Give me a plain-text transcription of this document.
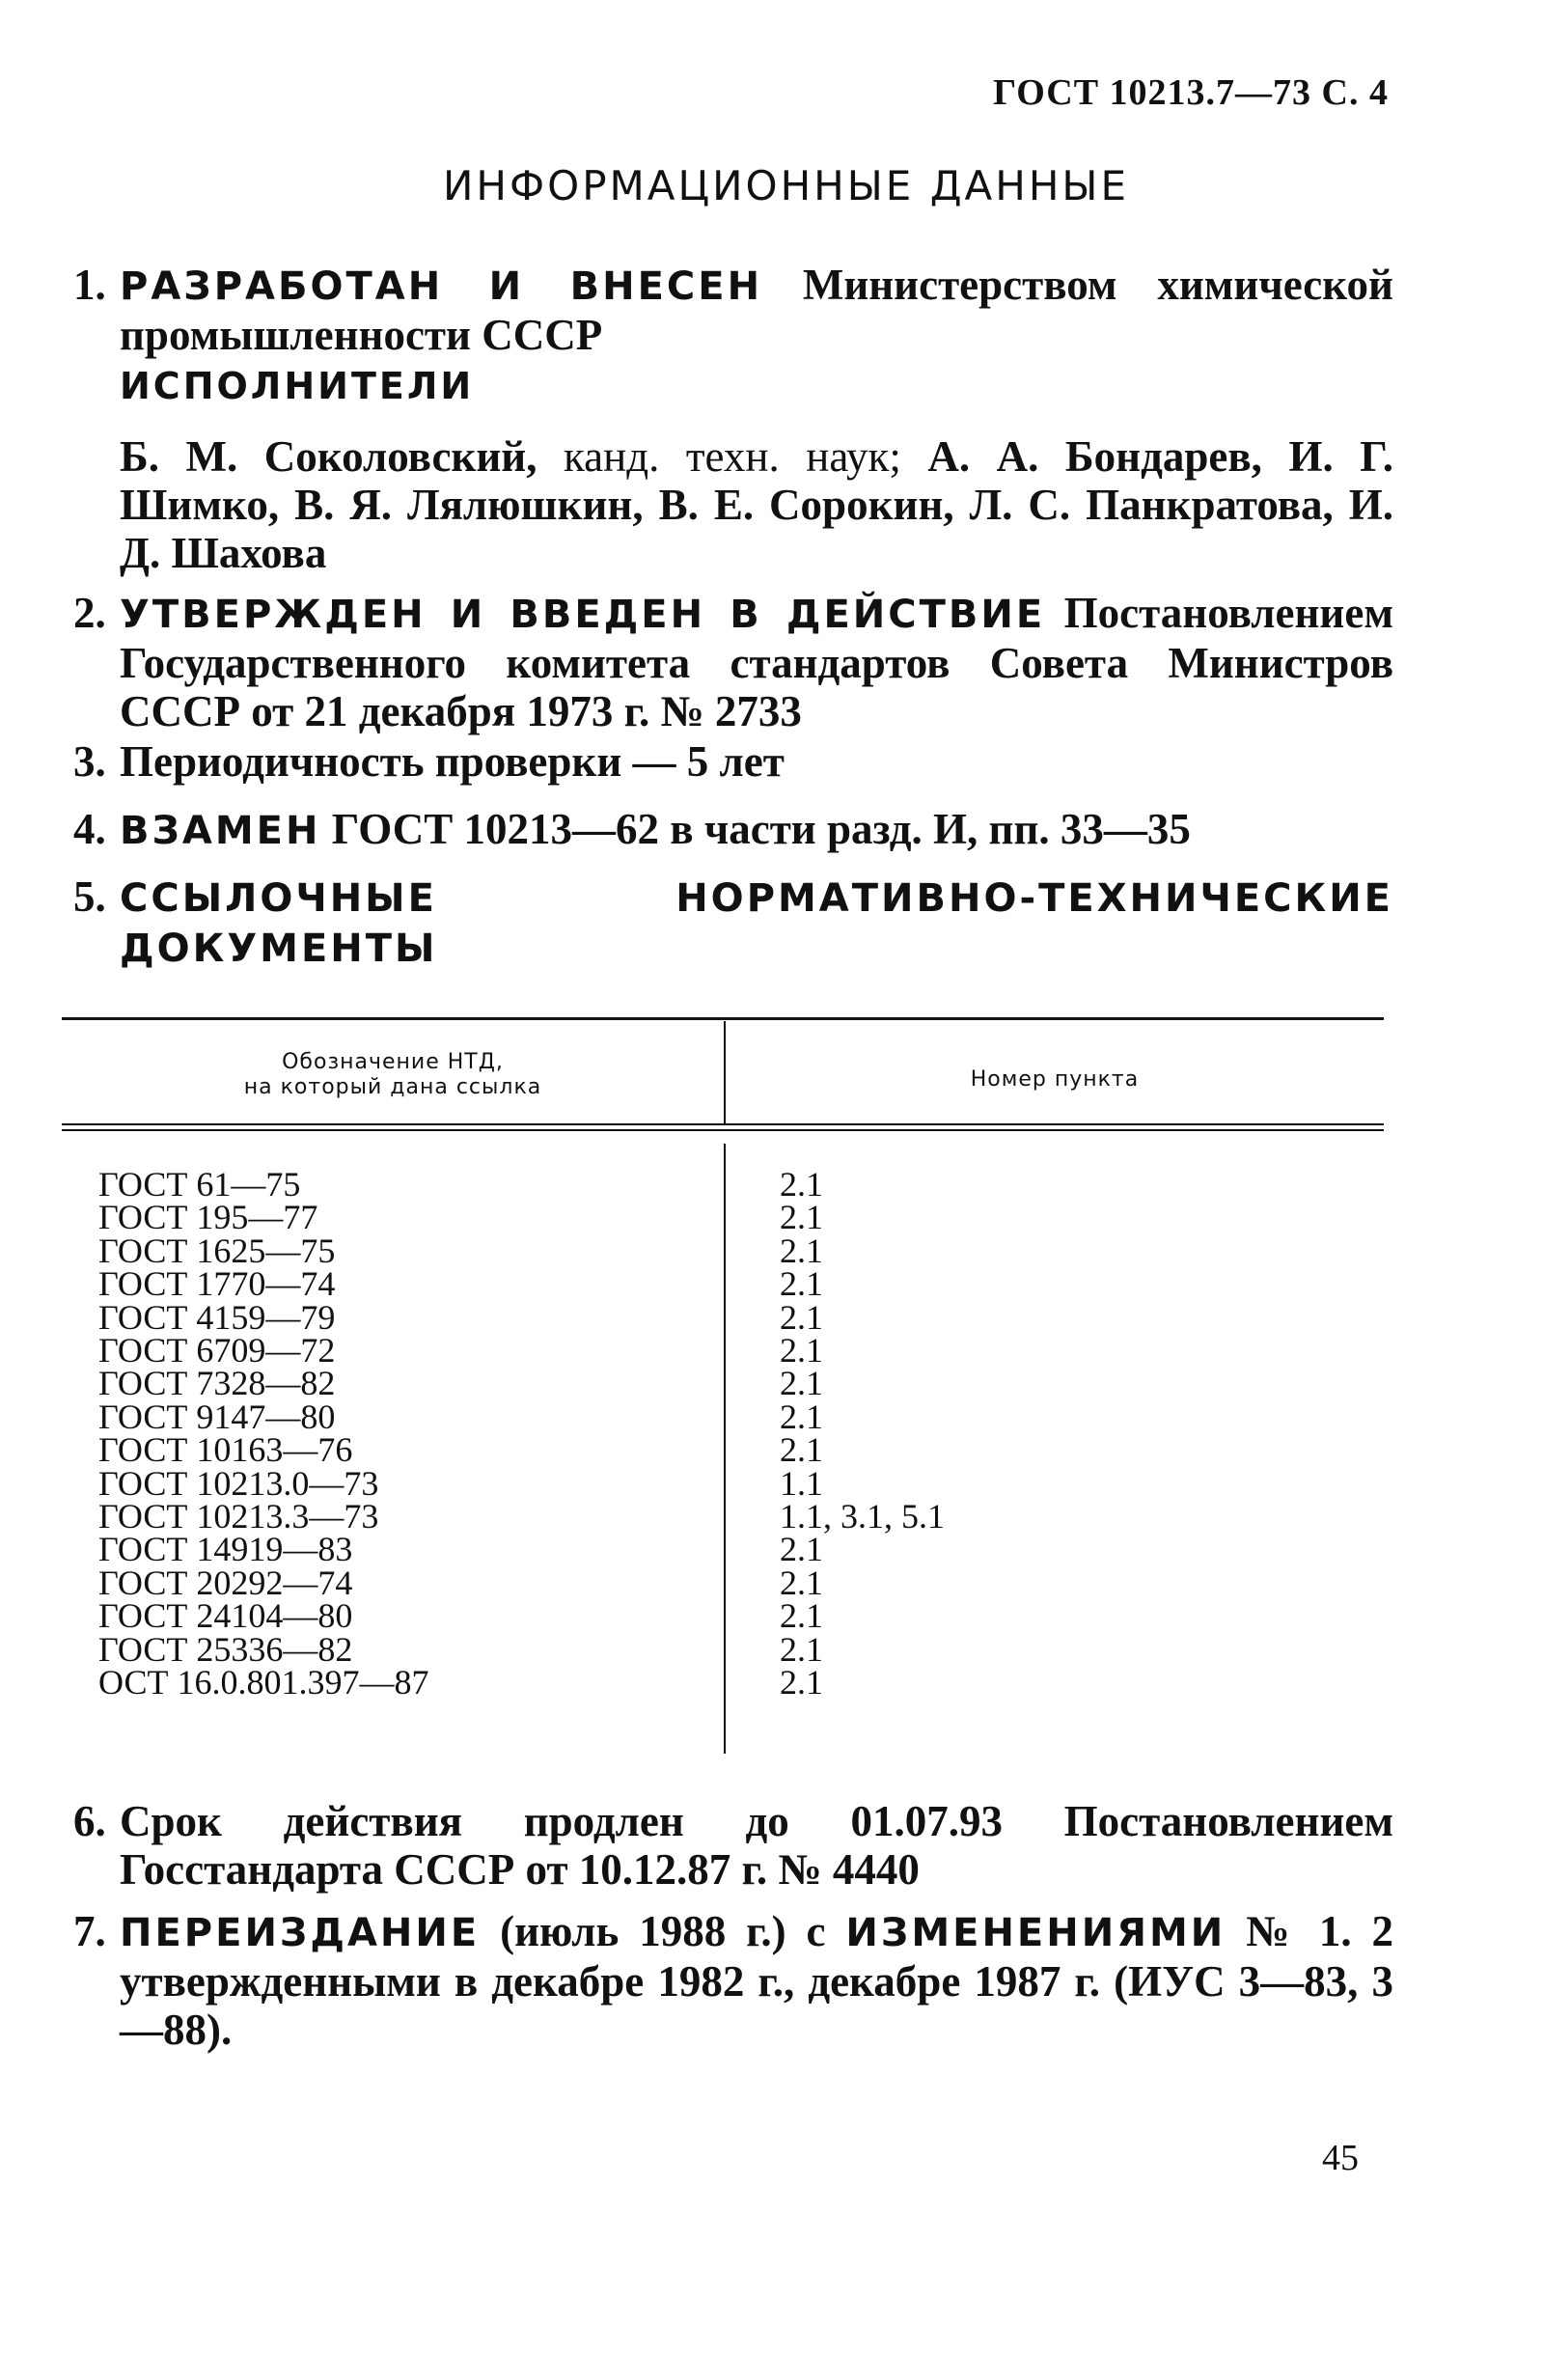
ГОСТ 10213.7—73 С. 4
ИНФОРМАЦИОННЫЕ ДАННЫЕ
1. РАЗРАБОТАН И ВНЕСЕН Министерством химической промышленности СССР
ИСПОЛНИТЕЛИ
Б. М. Соколовский, канд. техн. наук; А. А. Бондарев, И. Г. Шимко, В. Я. Лялюшкин, В. Е. Сорокин, Л. С. Панкратова, И. Д. Шахова
2. УТВЕРЖДЕН И ВВЕДЕН В ДЕЙСТВИЕ Постановлением Государственного комитета стандартов Совета Министров СССР от 21 декабря 1973 г. № 2733
3. Периодичность проверки — 5 лет
4. ВЗАМЕН ГОСТ 10213—62 в части разд. И, пп. 33—35
5. ССЫЛОЧНЫЕ НОРМАТИВНО-ТЕХНИЧЕСКИЕ ДОКУМЕНТЫ
Обозначение НТД,
на который дана ссылка	Номер пункта
ГОСТ 61—75
ГОСТ 195—77
ГОСТ 1625—75
ГОСТ 1770—74
ГОСТ 4159—79
ГОСТ 6709—72
ГОСТ 7328—82
ГОСТ 9147—80
ГОСТ 10163—76
ГОСТ 10213.0—73
ГОСТ 10213.3—73
ГОСТ 14919—83
ГОСТ 20292—74
ГОСТ 24104—80
ГОСТ 25336—82
ОСТ 16.0.801.397—87
2.1
2.1
2.1
2.1
2.1
2.1
2.1
2.1
2.1
1.1
1.1, 3.1, 5.1
2.1
2.1
2.1
2.1
2.1
6. Срок действия продлен до 01.07.93 Постановлением Госстандарта СССР от 10.12.87 г. № 4440
7. ПЕРЕИЗДАНИЕ (июль 1988 г.) с ИЗМЕНЕНИЯМИ № 1. 2 утвержденными в декабре 1982 г., декабре 1987 г. (ИУС 3—83, 3—88).
45
